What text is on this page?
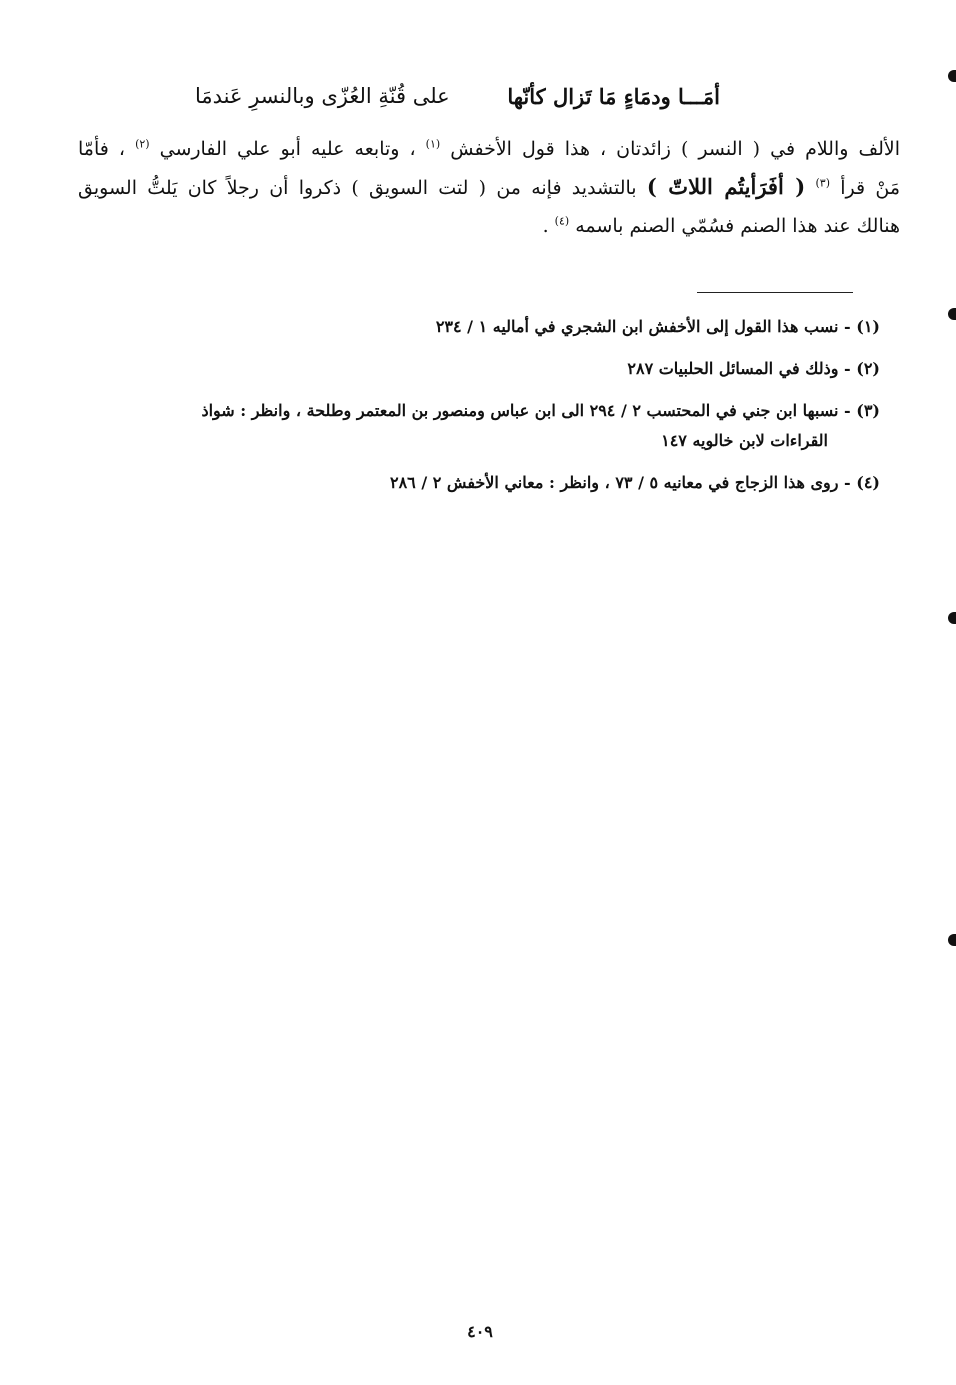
أمَـــا ودمَاءٍ مَا تَزال كأنّها
على قُنّةِ العُزّى وبالنسرِ عَندمَا
الألف واللام في ( النسر ) زائدتان ، هذا قول الأخفش $^{(١)}$ ، وتابعه عليه أبو علي الفارسي $^{(٢)}$ ، فأمّا
مَنْ قرأ $^{(٣)}$ ( أفَرَأيتُم اللاتّ ) بالتشديد فإنه من ( لتت السويق ) ذكروا أن رجلاً كان يَلتُّ السويق
هنالك عند هذا الصنم فسُمّي الصنم باسمه $^{(٤)}$ .
(١) - نسب هذا القول إلى الأخفش ابن الشجري في أماليه ١ / ٢٣٤
(٢) - وذلك في المسائل الحلبيات ٢٨٧
(٣) - نسبها ابن جني في المحتسب ٢ / ٢٩٤ الى ابن عباس ومنصور بن المعتمر وطلحة ، وانظر : شواذ
القراءات لابن خالويه ١٤٧
(٤) - روى هذا الزجاج في معانيه ٥ / ٧٣ ، وانظر : معاني الأخفش ٢ / ٢٨٦
٤٠٩
